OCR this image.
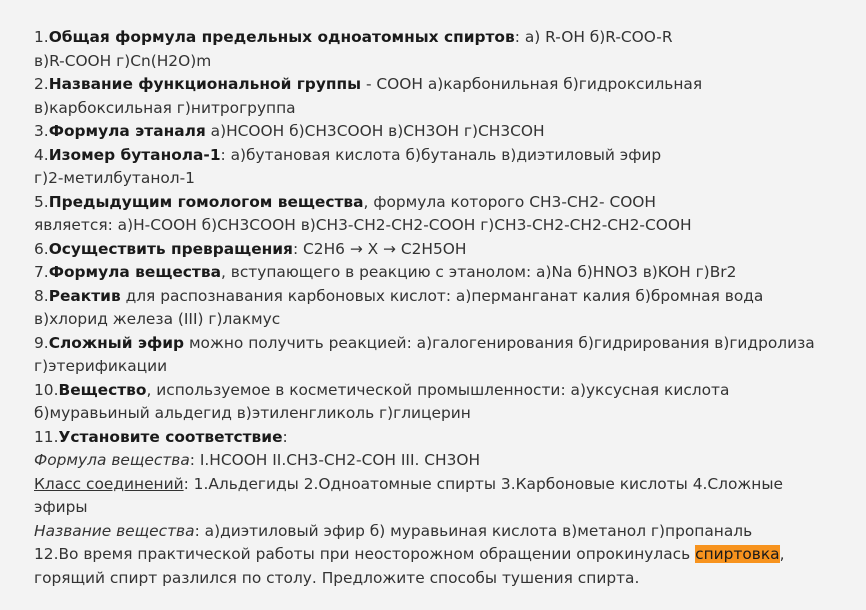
1.Общая формула предельных одноатомных спиртов: а) R-OH б)R-COO-R
в)R-COOH г)Cn(H2O)m
2.Название функциональной группы - COOH а)карбонильная б)гидроксильная
в)карбоксильная г)нитрогруппа
3.Формула этаналя а)HCOOH б)CH3COOH в)CH3OH г)CH3COH
4.Изомер бутанола-1: а)бутановая кислота б)бутаналь в)диэтиловый эфир
г)2-метилбутанол-1
5.Предыдущим гомологом вещества, формула которого CH3-CH2- COOH
является: а)H-COOH б)CH3COOH в)CH3-CH2-CH2-COOH г)CH3-CH2-CH2-CH2-COOH
6.Осуществить превращения: C2H6 → X → C2H5OH
7.Формула вещества, вступающего в реакцию с этанолом: а)Na б)HNO3 в)KOH г)Br2
8.Реактив для распознавания карбоновых кислот: а)перманганат калия б)бромная вода
в)хлорид железа (III) г)лакмус
9.Сложный эфир можно получить реакцией: а)галогенирования б)гидрирования в)гидролиза
г)этерификации
10.Вещество, используемое в косметической промышленности: а)уксусная кислота
б)муравьиный альдегид в)этиленгликоль г)глицерин
11.Установите соответствие:
Формула вещества: I.HCOOH II.CH3-CH2-COH III. CH3OH
Класс соединений: 1.Альдегиды 2.Одноатомные спирты 3.Карбоновые кислоты 4.Сложные
эфиры
Название вещества: а)диэтиловый эфир б) муравьиная кислота в)метанол г)пропаналь
12.Во время практической работы при неосторожном обращении опрокинулась спиртовка,
горящий спирт разлился по столу. Предложите способы тушения спирта.
